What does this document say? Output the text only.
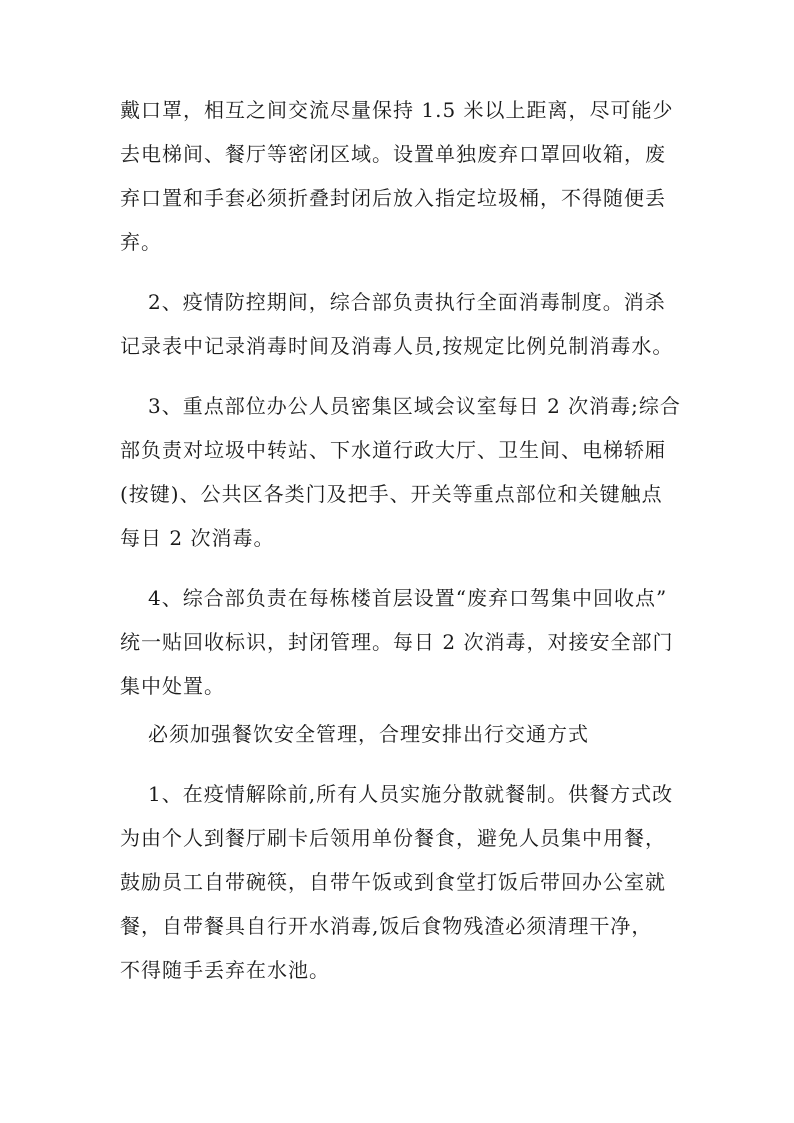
戴口罩，相互之间交流尽量保持 1.5 米以上距离，尽可能少
去电梯间、餐厅等密闭区域。设置单独废弃口罩回收箱，废
弃口置和手套必须折叠封闭后放入指定垃圾桶，不得随便丢
弃。
2、疫情防控期间，综合部负责执行全面消毒制度。消杀
记录表中记录消毒时间及消毒人员,按规定比例兑制消毒水。
3、重点部位办公人员密集区域会议室每日 2 次消毒;综合
部负责对垃圾中转站、下水道行政大厅、卫生间、电梯轿厢
(按键)、公共区各类门及把手、开关等重点部位和关键触点
每日 2 次消毒。
4、综合部负责在每栋楼首层设置“废弃口驾集中回收点”
统一贴回收标识，封闭管理。每日 2 次消毒，对接安全部门
集中处置。
必须加强餐饮安全管理，合理安排出行交通方式
1、在疫情解除前,所有人员实施分散就餐制。供餐方式改
为由个人到餐厅刷卡后领用单份餐食，避免人员集中用餐，
鼓励员工自带碗筷，自带午饭或到食堂打饭后带回办公室就
餐，自带餐具自行开水消毒,饭后食物残渣必须清理干净，
不得随手丢弃在水池。
